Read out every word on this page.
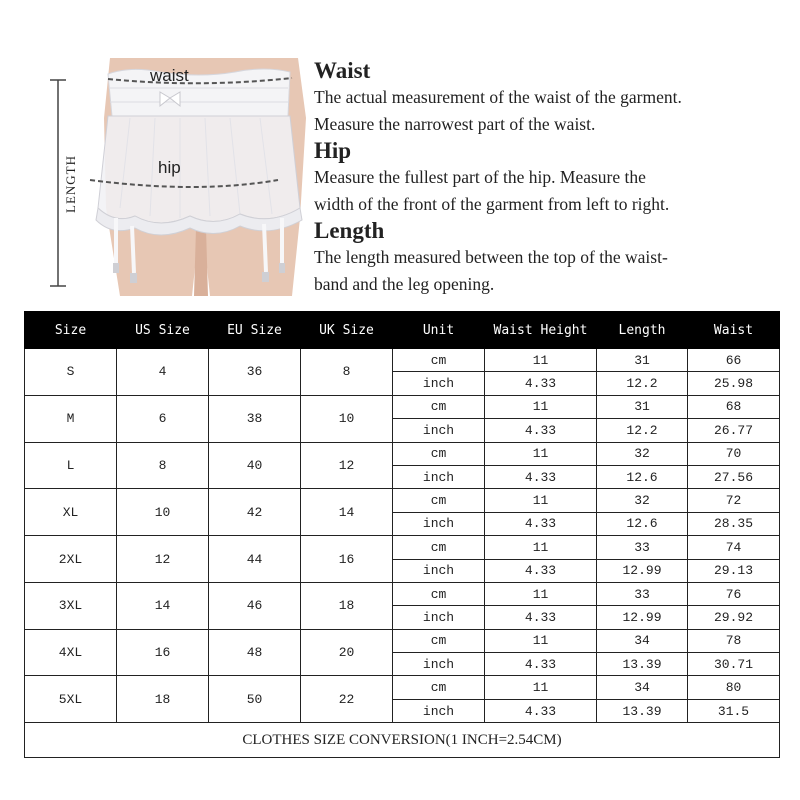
LENGTH
waist
hip

Waist

The actual measurement of the waist of the garment.

Measure the narrowest part of the waist.

Hip

Measure the fullest part of the hip. Measure the

width of the front of the garment from left to right.

Length

The length measured between the top of the waist-

band and the leg opening.

Size	US Size	EU Size	UK Size	Unit	Waist Height	Length	Waist
S	4	36	8	cm	11	31	66
				inch	4.33	12.2	25.98
M	6	38	10	cm	11	31	68
				inch	4.33	12.2	26.77
L	8	40	12	cm	11	32	70
				inch	4.33	12.6	27.56
XL	10	42	14	cm	11	32	72
				inch	4.33	12.6	28.35
2XL	12	44	16	cm	11	33	74
				inch	4.33	12.99	29.13
3XL	14	46	18	cm	11	33	76
				inch	4.33	12.99	29.92
4XL	16	48	20	cm	11	34	78
				inch	4.33	13.39	30.71
5XL	18	50	22	cm	11	34	80
				inch	4.33	13.39	31.5
CLOTHES SIZE CONVERSION(1 INCH=2.54CM)							
